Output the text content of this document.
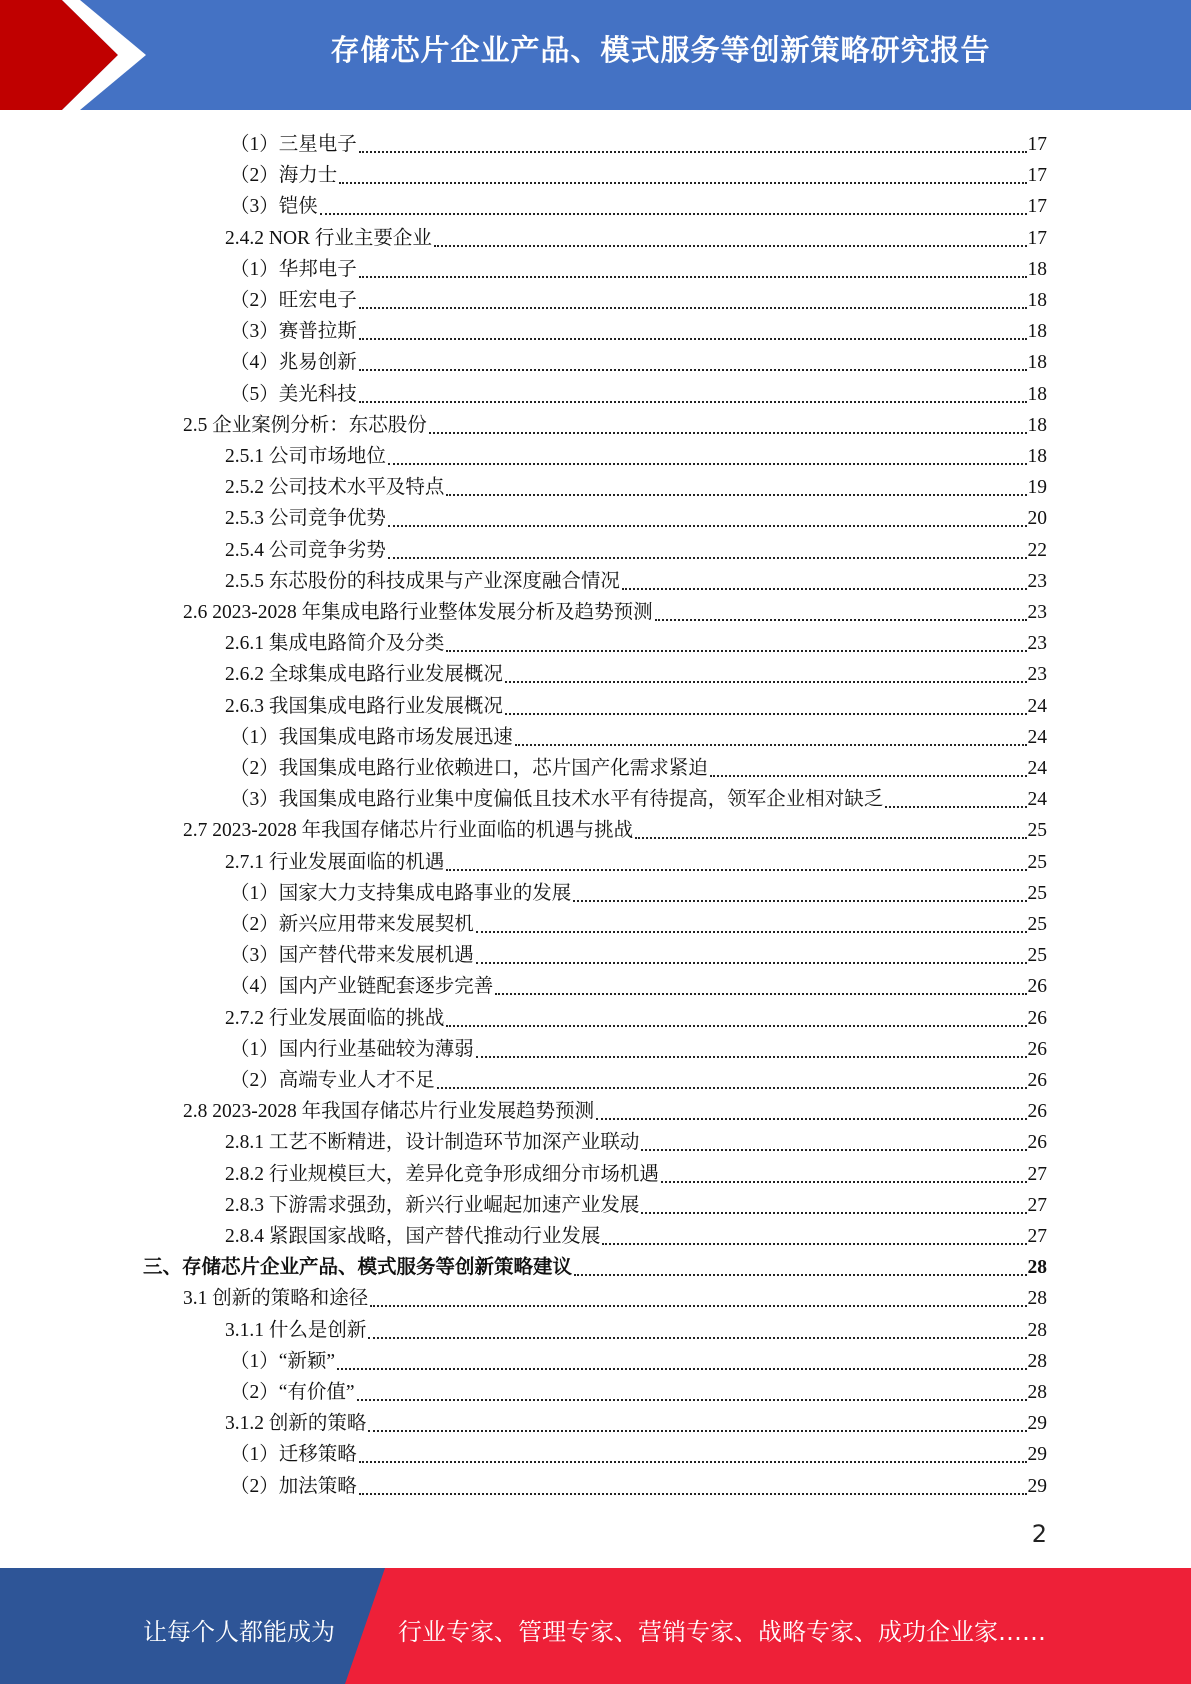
存储芯片企业产品、模式服务等创新策略研究报告
（1）三星电子	17
（2）海力士	17
（3）铠侠	17
2.4.2 NOR 行业主要企业	17
（1）华邦电子	18
（2）旺宏电子	18
（3）赛普拉斯	18
（4）兆易创新	18
（5）美光科技	18
2.5 企业案例分析：东芯股份	18
2.5.1 公司市场地位	18
2.5.2 公司技术水平及特点	19
2.5.3 公司竞争优势	20
2.5.4 公司竞争劣势	22
2.5.5 东芯股份的科技成果与产业深度融合情况	23
2.6 2023-2028 年集成电路行业整体发展分析及趋势预测	23
2.6.1 集成电路简介及分类	23
2.6.2 全球集成电路行业发展概况	23
2.6.3 我国集成电路行业发展概况	24
（1）我国集成电路市场发展迅速	24
（2）我国集成电路行业依赖进口，芯片国产化需求紧迫	24
（3）我国集成电路行业集中度偏低且技术水平有待提高，领军企业相对缺乏	24
2.7 2023-2028 年我国存储芯片行业面临的机遇与挑战	25
2.7.1 行业发展面临的机遇	25
（1）国家大力支持集成电路事业的发展	25
（2）新兴应用带来发展契机	25
（3）国产替代带来发展机遇	25
（4）国内产业链配套逐步完善	26
2.7.2 行业发展面临的挑战	26
（1）国内行业基础较为薄弱	26
（2）高端专业人才不足	26
2.8 2023-2028 年我国存储芯片行业发展趋势预测	26
2.8.1 工艺不断精进，设计制造环节加深产业联动	26
2.8.2 行业规模巨大，差异化竞争形成细分市场机遇	27
2.8.3 下游需求强劲，新兴行业崛起加速产业发展	27
2.8.4 紧跟国家战略，国产替代推动行业发展	27
三、存储芯片企业产品、模式服务等创新策略建议	28
3.1 创新的策略和途径	28
3.1.1 什么是创新	28
（1）“新颖”	28
（2）“有价值”	28
3.1.2 创新的策略	29
（1）迁移策略	29
（2）加法策略	29
2
让每个人都能成为	行业专家、管理专家、营销专家、战略专家、成功企业家……
